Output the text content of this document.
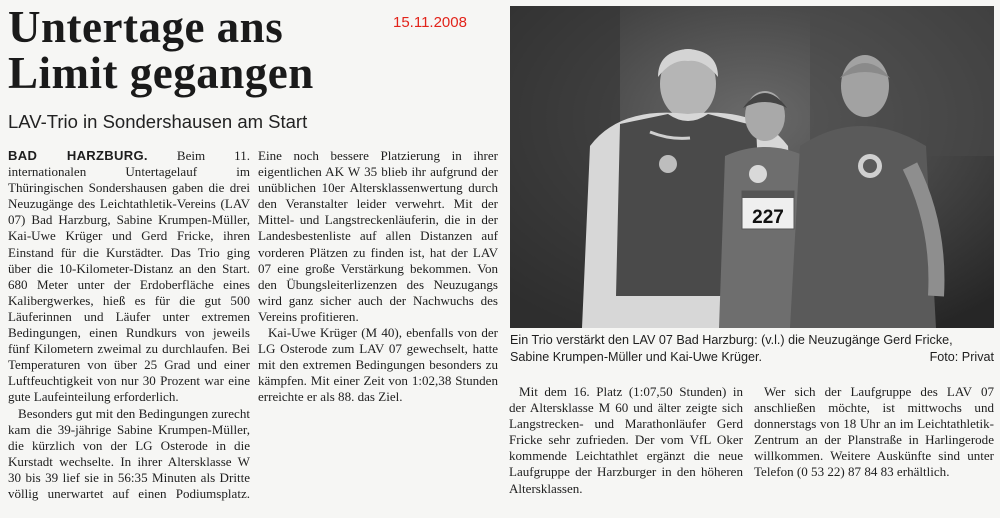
Untertage ans
Limit gegangen
15.11.2008
LAV-Trio in Sondershausen am Start

BAD HARZBURG. Beim 11. internationalen Untertagelauf im Thüringischen Sondershausen gaben die drei Neuzugänge des Leichtathletik-Vereins (LAV 07) Bad Harzburg, Sabine Krumpen-Müller, Kai-Uwe Krüger und Gerd Fricke, ihren Einstand für die Kurstädter. Das Trio ging über die 10-Kilometer-Distanz an den Start. 680 Meter unter der Erdoberfläche eines Kalibergwerkes, hieß es für die gut 500 Läuferinnen und Läufer unter extremen Bedingungen, einen Rundkurs von jeweils fünf Kilometern zweimal zu durchlaufen. Bei Temperaturen von über 25 Grad und einer Luftfeuchtigkeit von nur 30 Prozent war eine gute Laufeinteilung erforderlich.

Besonders gut mit den Bedingungen zurecht kam die 39-jährige Sabine Krumpen-Müller, die kürzlich von der LG Osterode in die Kurstadt wechselte. In ihrer Altersklasse W 30 bis 39 lief sie in 56:35 Minuten als Dritte völlig unerwartet auf einen Podiumsplatz.

Eine noch bessere Platzierung in ihrer eigentlichen AK W 35 blieb ihr aufgrund der unüblichen 10er Altersklassenwertung durch den Veranstalter leider verwehrt. Mit der Mittel- und Langstreckenläuferin, die in der Landesbestenliste auf allen Distanzen auf vorderen Plätzen zu finden ist, hat der LAV 07 eine große Verstärkung bekommen. Von den Übungsleiterlizenzen des Neuzugangs wird ganz sicher auch der Nachwuchs des Vereins profitieren.

Kai-Uwe Krüger (M 40), ebenfalls von der LG Osterode zum LAV 07 gewechselt, hatte mit den extremen Bedingungen besonders zu kämpfen. Mit einer Zeit von 1:02,38 Stunden erreichte er als 88. das Ziel.

227
Ein Trio verstärkt den LAV 07 Bad Harzburg: (v.l.) die Neuzugänge Gerd Fricke, Sabine Krumpen-Müller und Kai-Uwe Krüger.	Foto: Privat

Mit dem 16. Platz (1:07,50 Stunden) in der Altersklasse M 60 und älter zeigte sich Langstrecken- und Marathonläufer Gerd Fricke sehr zufrieden. Der vom VfL Oker kommende Leichtathlet ergänzt die neue Laufgruppe der Harzburger in den höheren Altersklassen.

Wer sich der Laufgruppe des LAV 07 anschließen möchte, ist mittwochs und donnerstags von 18 Uhr an im Leichtathletik-Zentrum an der Planstraße in Harlingerode willkommen. Weitere Auskünfte sind unter Telefon (0 53 22) 87 84 83 erhältlich.
